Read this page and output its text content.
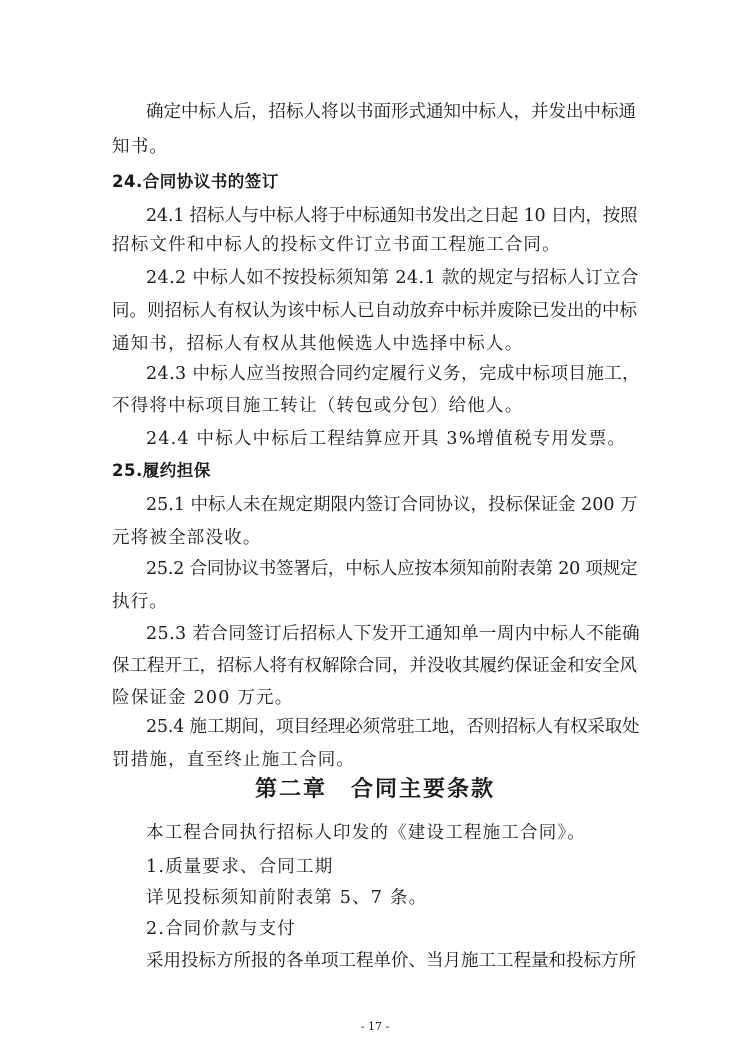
确定中标人后，招标人将以书面形式通知中标人，并发出中标通
知书。
24.合同协议书的签订
24.1 招标人与中标人将于中标通知书发出之日起 10 日内，按照
招标文件和中标人的投标文件订立书面工程施工合同。
24.2 中标人如不按投标须知第 24.1 款的规定与招标人订立合
同。则招标人有权认为该中标人已自动放弃中标并废除已发出的中标
通知书，招标人有权从其他候选人中选择中标人。
24.3 中标人应当按照合同约定履行义务，完成中标项目施工，
不得将中标项目施工转让（转包或分包）给他人。
24.4 中标人中标后工程结算应开具 3%增值税专用发票。
25.履约担保
25.1 中标人未在规定期限内签订合同协议，投标保证金 200 万
元将被全部没收。
25.2 合同协议书签署后，中标人应按本须知前附表第 20 项规定
执行。
25.3 若合同签订后招标人下发开工通知单一周内中标人不能确
保工程开工，招标人将有权解除合同，并没收其履约保证金和安全风
险保证金 200 万元。
25.4 施工期间，项目经理必须常驻工地，否则招标人有权采取处
罚措施，直至终止施工合同。
第二章　合同主要条款
本工程合同执行招标人印发的《建设工程施工合同》。
1.质量要求、合同工期
详见投标须知前附表第 5、7 条。
2.合同价款与支付
采用投标方所报的各单项工程单价、当月施工工程量和投标方所
- 17 -
